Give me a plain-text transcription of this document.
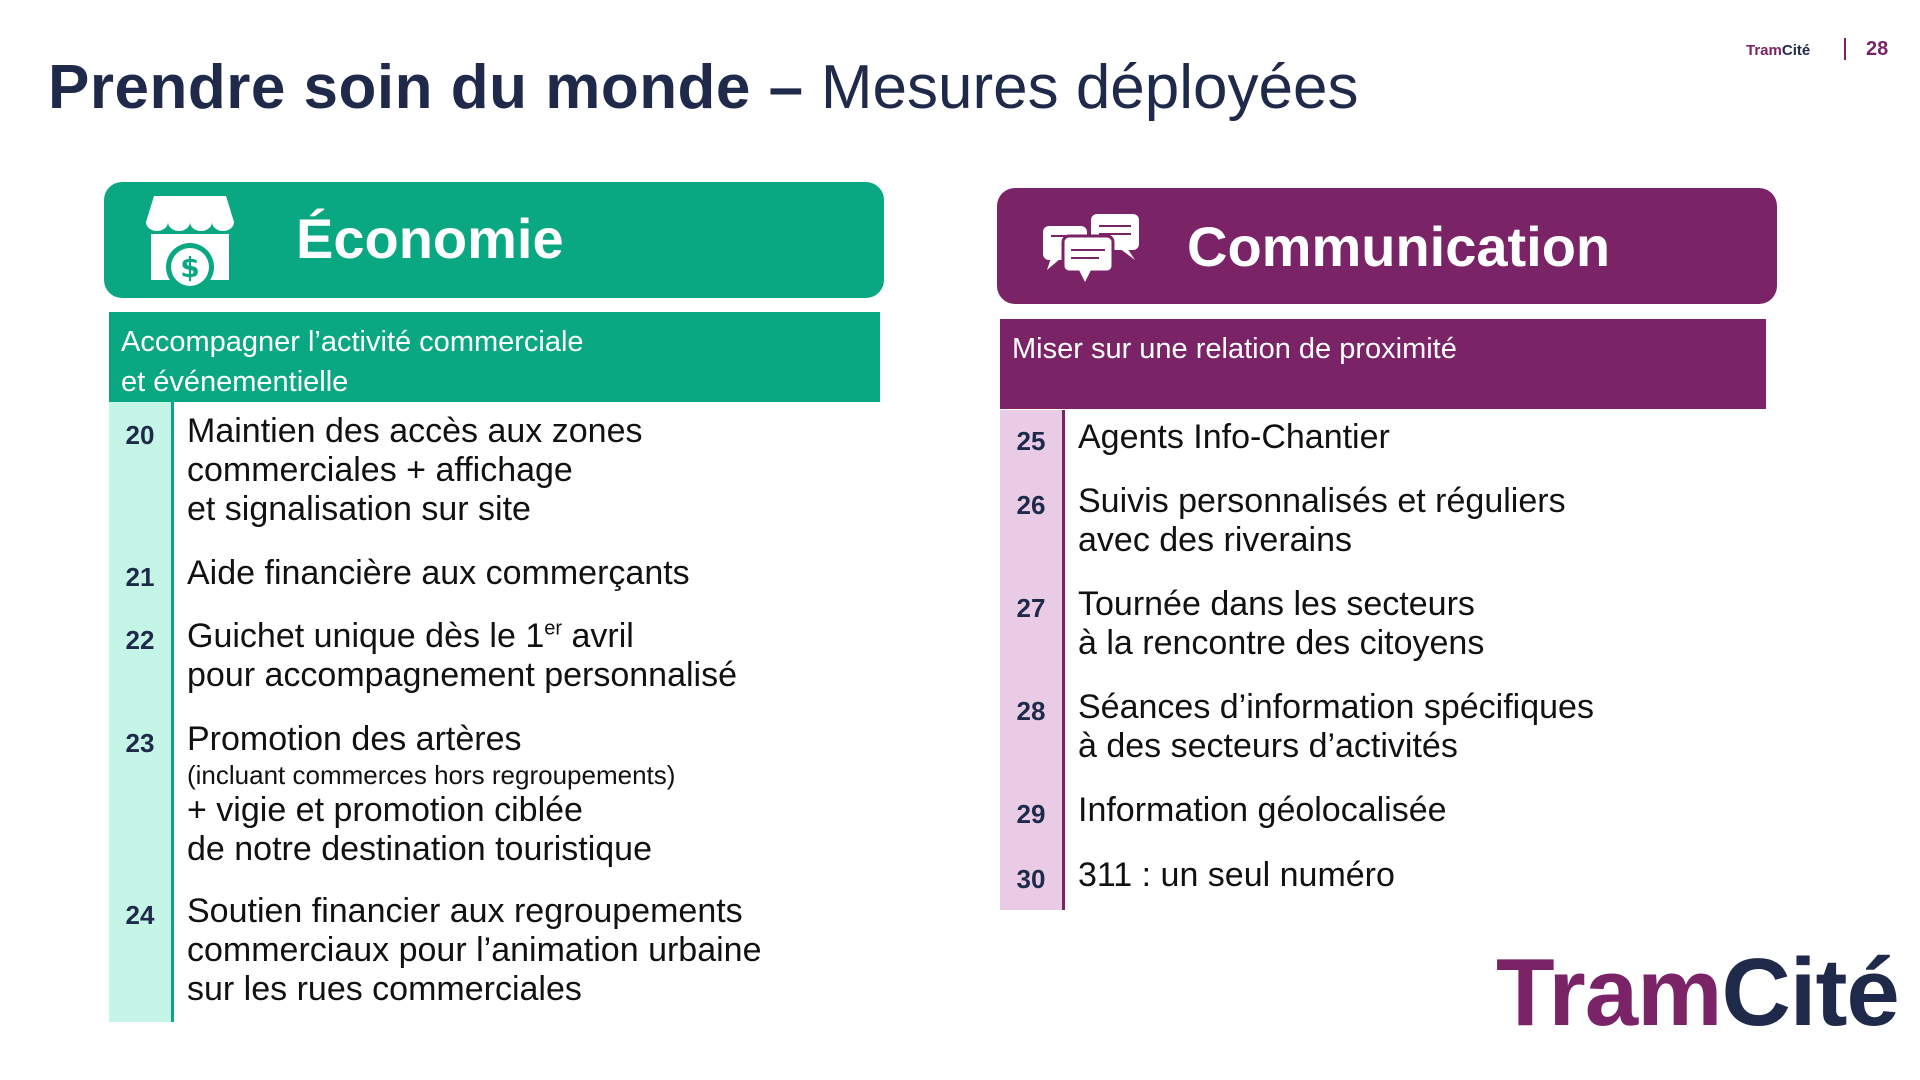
TramCité	28
Prendre soin du monde – Mesures déployées
$ Économie	Communication
Accompagner l’activité commerciale
et événementielle
Miser sur une relation de proximité
20 Maintien des accès aux zones
commerciales + affichage
et signalisation sur site
21 Aide financière aux commerçants
22 Guichet unique dès le 1er avril
pour accompagnement personnalisé
23 Promotion des artères
(incluant commerces hors regroupements)
+ vigie et promotion ciblée
de notre destination touristique
24 Soutien financier aux regroupements
commerciaux pour l’animation urbaine
sur les rues commerciales
25 Agents Info-Chantier
26 Suivis personnalisés et réguliers
avec des riverains
27 Tournée dans les secteurs
à la rencontre des citoyens
28 Séances d’information spécifiques
à des secteurs d’activités
29 Information géolocalisée
30 311 : un seul numéro
TramCité
